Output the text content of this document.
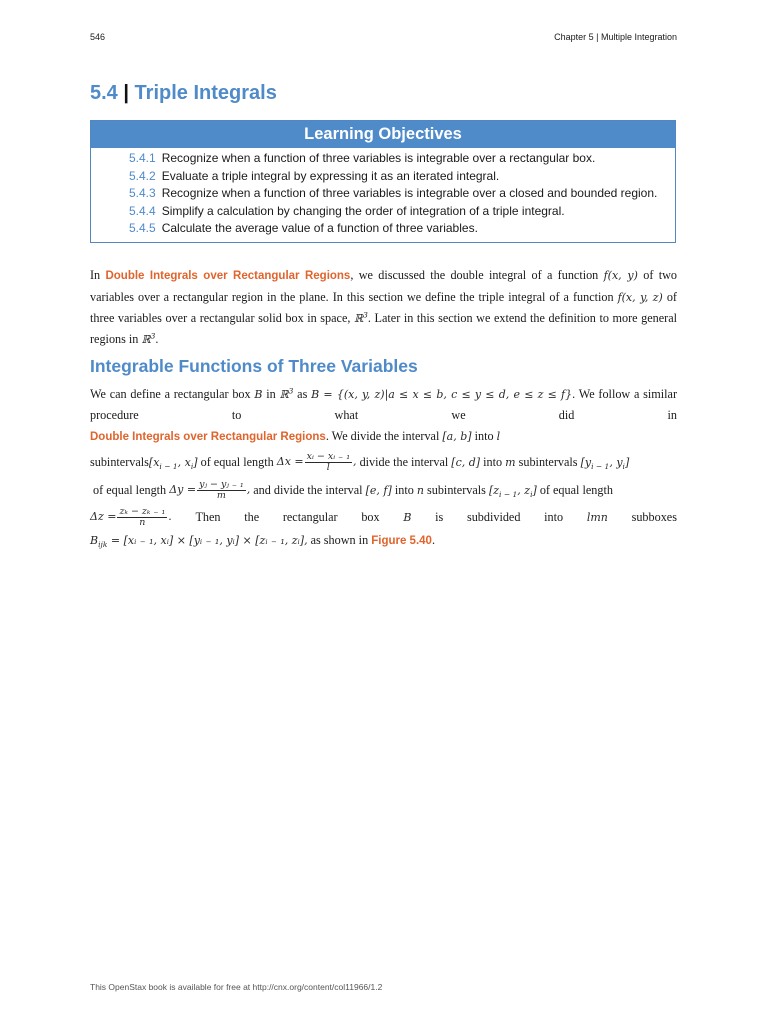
546	Chapter 5 | Multiple Integration
5.4 | Triple Integrals
Learning Objectives
5.4.1 Recognize when a function of three variables is integrable over a rectangular box.
5.4.2 Evaluate a triple integral by expressing it as an iterated integral.
5.4.3 Recognize when a function of three variables is integrable over a closed and bounded region.
5.4.4 Simplify a calculation by changing the order of integration of a triple integral.
5.4.5 Calculate the average value of a function of three variables.

In Double Integrals over Rectangular Regions, we discussed the double integral of a function f(x, y) of two variables over a rectangular region in the plane. In this section we define the triple integral of a function f(x, y, z) of three variables over a rectangular solid box in space, ℝ$^3$. Later in this section we extend the definition to more general regions in ℝ$^3$.

Integrable Functions of Three Variables
We can define a rectangular box B in ℝ$^3$ as B = {(x, y, z)|a ≤ x ≤ b, c ≤ y ≤ d, e ≤ z ≤ f}. We follow a similar procedure to what we did in
Double Integrals over Rectangular Regions. We divide the interval [a, b] into l
subintervals [$x_{i - 1}$, $x_i$] of equal length $\Delta x = \frac{\text{xᵢ − xᵢ ₋ ₁}}{l}$ , divide the interval [c, d] into m subintervals [$y_{i - 1}$, $y_i$]
of equal length $\Delta y = \frac{\text{yⱼ − yⱼ ₋ ₁}}{m}$ , and divide the interval [e, f] into n subintervals [$z_{i - 1}$, $z_i$] of equal length
$\Delta z = \frac{\text{zₖ − zₖ ₋ ₁}}{n}$ . Then the rectangular box B is subdivided into lmn subboxes
$B_{ijk}$ = [xᵢ ₋ ₁, xᵢ] × [yᵢ ₋ ₁, yᵢ] × [zᵢ ₋ ₁, zᵢ], as shown in Figure 5.40.
This OpenStax book is available for free at http://cnx.org/content/col11966/1.2
